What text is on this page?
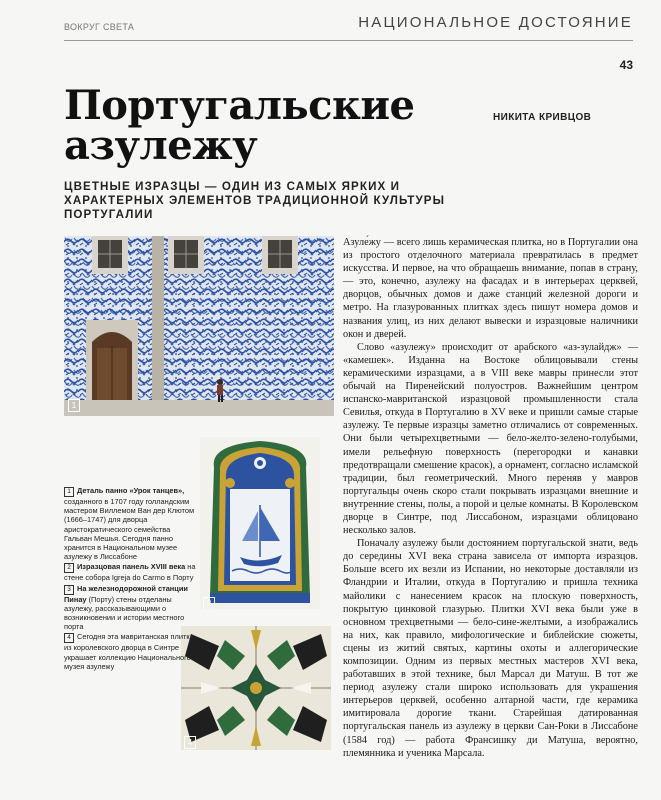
ВОКРУГ СВЕТА	НАЦИОНАЛЬНОЕ ДОСТОЯНИЕ
43
Португальские
азулежу
НИКИТА КРИВЦОВ

ЦВЕТНЫЕ ИЗРАЗЦЫ — ОДИН ИЗ САМЫХ ЯРКИХ И ХАРАКТЕРНЫХ ЭЛЕМЕНТОВ ТРАДИЦИОННОЙ КУЛЬТУРЫ ПОРТУГАЛИИ

1
2
4
1 Деталь панно «Урок танцев», созданного в 1707 году голландским мастером Виллемом Ван дер Клютом (1666–1747) для дворца аристократического семейства Гальван Мешья. Сегодня панно хранится в Национальном музее азулежу в Лиссабоне
2 Изразцовая панель XVIII века на стене собора Igreja do Carmo в Порту
3 На железнодорожной станции Пинау (Порту) стены отделаны азулежу, рассказывающими о возникновении и истории местного порта
4 Сегодня эта мавританская плитка из королевского дворца в Синтре украшает коллекцию Национального музея азулежу

Азуле́жу — всего лишь керамическая плитка, но в Португалии она из простого отделочного материала превратилась в предмет искусства. И первое, на что обращаешь внимание, попав в страну, — это, конечно, азулежу на фасадах и в интерьерах церквей, дворцов, обычных домов и даже станций железной дороги и метро. На глазурованных плитках здесь пишут номера домов и названия улиц, из них делают вывески и изразцовые наличники окон и дверей.

Слово «азулежу» происходит от арабского «аз-зулайдж» — «камешек». Изданна на Востоке облицовывали стены керамическими изразцами, а в VIII веке мавры принесли этот обычай на Пиренейский полуостров. Важнейшим центром испанско-мавританской изразцовой промышленности стала Севилья, откуда в Португалию в XV веке и пришли самые старые азулежу. Те первые изразцы заметно отличались от современных. Они были четырехцветными — бело-желто-зелено-голубыми, имели рельефную поверхность (перегородки и канавки предотвращали смешение красок), а орнамент, согласно исламской традиции, был геометрический. Много переняв у мавров португальцы очень скоро стали покрывать изразцами внешние и внутренние стены, полы, а порой и целые комнаты. В Королевском дворце в Синтре, под Лиссабоном, изразцами облицовано несколько залов.

Поначалу азулежу были достоянием португальской знати, ведь до середины XVI века страна зависела от импорта изразцов. Больше всего их везли из Испании, но некоторые доставляли из Фландрии и Италии, откуда в Португалию и пришла техника майолики с нанесением красок на плоскую поверхность, покрытую цинковой глазурью. Плитки XVI века были уже в основном трехцветными — бело-сине-желтыми, а изображались на них, как правило, мифологические и библейские сюжеты, сцены из житий святых, картины охоты и аллегорические композиции. Одним из первых местных мастеров XVI века, работавших в этой технике, был Марсал ди Матуш. В тот же период азулежу стали широко использовать для украшения интерьеров церквей, особенно алтарной части, где керамика имитировала дорогие ткани. Старейшая датированная португальская панель из азулежу в церкви Сан-Роки в Лиссабоне (1584 год) — работа Франсишку ди Матуша, вероятно, племянника и ученика Марсала.
